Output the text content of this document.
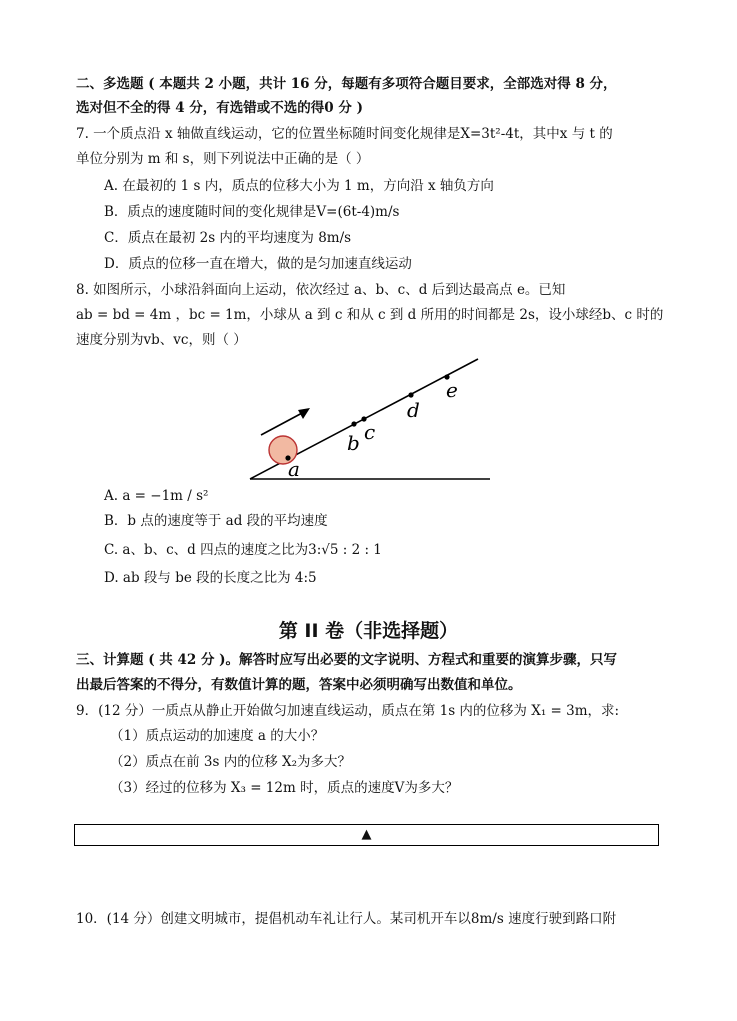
二、多选题 ( 本题共 2 小题，共计 16 分，每题有多项符合题目要求，全部选对得 8 分，
选对但不全的得 4 分，有选错或不选的得0 分 )
7. 一个质点沿 x 轴做直线运动，它的位置坐标随时间变化规律是X=3t²-4t，其中x 与 t 的
单位分别为 m 和 s，则下列说法中正确的是（ ）
A. 在最初的 1 s 内，质点的位移大小为 1 m，方向沿 x 轴负方向
B．质点的速度随时间的变化规律是V=(6t-4)m/s
C．质点在最初 2s 内的平均速度为 8m/s
D．质点的位移一直在增大，做的是匀加速直线运动
8. 如图所示，小球沿斜面向上运动，依次经过 a、b、c、d 后到达最高点 e。已知
ab = bd = 4m ，bc = 1m，小球从 a 到 c 和从 c 到 d 所用的时间都是 2s，设小球经b、c 时的
速度分别为vb、vc，则（ ）
a
b c
d
e
A. a = −1m / s²
B．b 点的速度等于 ad 段的平均速度
C. a、b、c、d 四点的速度之比为3:√5 : 2 : 1
D. ab 段与 be 段的长度之比为 4:5
第 II 卷（非选择题）
三、计算题 ( 共 42 分 )。解答时应写出必要的文字说明、方程式和重要的演算步骤，只写
出最后答案的不得分，有数值计算的题，答案中必须明确写出数值和单位。
9．(12 分）一质点从静止开始做匀加速直线运动，质点在第 1s 内的位移为 X₁ = 3m，求:
（1）质点运动的加速度 a 的大小？
（2）质点在前 3s 内的位移 X₂为多大？
（3）经过的位移为 X₃ = 12m 时，质点的速度V为多大？
▲
10．(14 分）创建文明城市，提倡机动车礼让行人。某司机开车以8m/s 速度行驶到路口附
